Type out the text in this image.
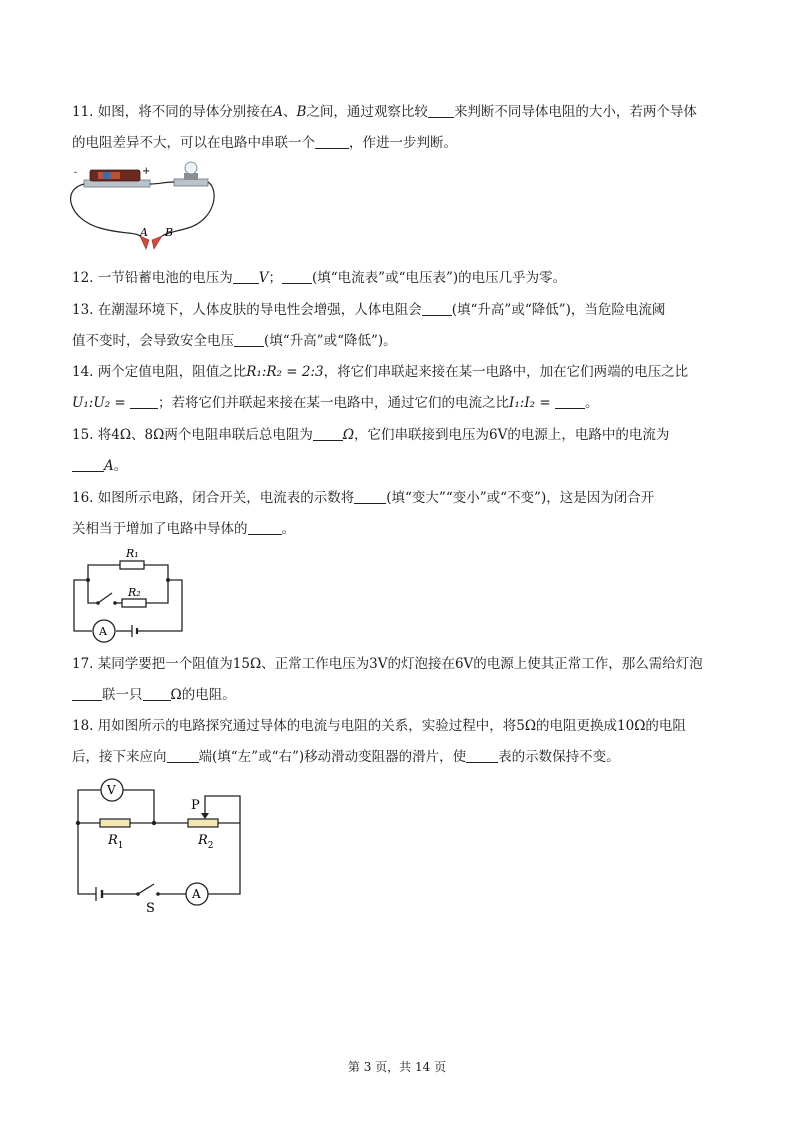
11. 如图，将不同的导体分别接在A、B之间，通过观察比较 来判断不同导体电阻的大小，若两个导体
的电阻差异不大，可以在电路中串联一个	，作进一步判断。
-	+
A B
12. 一节铅蓄电池的电压为 V； (填“电流表”或“电压表”)的电压几乎为零。
13. 在潮湿环境下，人体皮肤的导电性会增强，人体电阻会 (填“升高”或“降低”)，当危险电流阈
值不变时，会导致安全电压 (填“升高”或“降低”)。
14. 两个定值电阻，阻值之比R₁:R₂ = 2:3，将它们串联起来接在某一电路中，加在它们两端的电压之比
U₁:U₂ = ；若将它们并联起来接在某一电路中，通过它们的电流之比I₁:I₂ =	。
15. 将4Ω、8Ω两个电阻串联后总电阻为 Ω，它们串联接到电压为6V的电源上，电路中的电流为
A。
16. 如图所示电路，闭合开关，电流表的示数将 (填“变大”“变小”或“不变”)，这是因为闭合开
关相当于增加了电路中导体的	。
R₁
R₂
A
17. 某同学要把一个阻值为15Ω、正常工作电压为3V的灯泡接在6V的电源上使其正常工作，那么需给灯泡
联一只 Ω的电阻。
18. 用如图所示的电路探究通过导体的电流与电阻的关系，实验过程中，将5Ω的电阻更换成10Ω的电阻
后，接下来应向 端(填“左”或“右”)移动滑动变阻器的滑片，使 表的示数保持不变。
V
P
$R_1$	$R_2$
S
A
第 3 页，共 14 页
